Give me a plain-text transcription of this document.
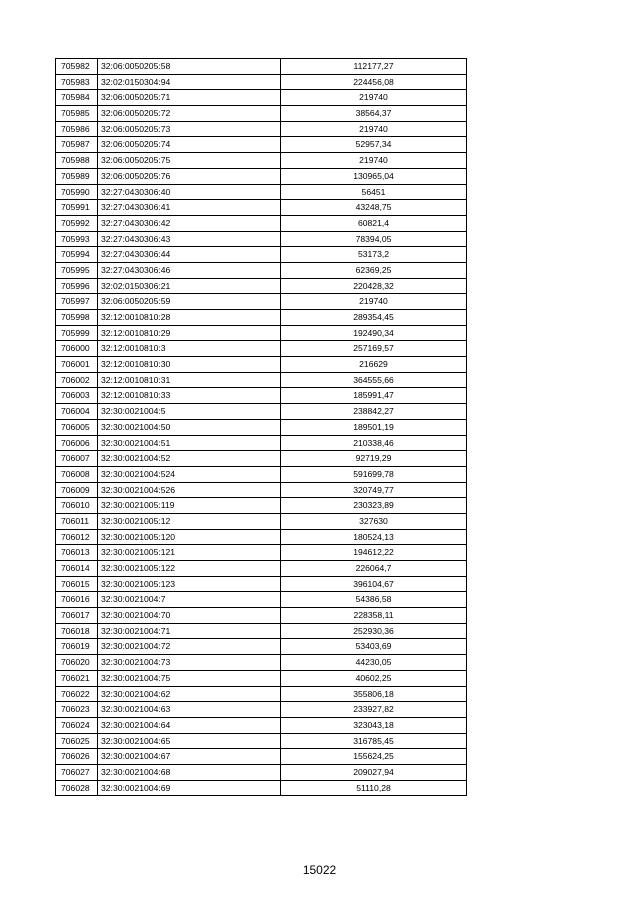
705982	32:06:0050205:58	112177,27
705983	32:02:0150304:94	224456,08
705984	32:06:0050205:71	219740
705985	32:06:0050205:72	38564,37
705986	32:06:0050205:73	219740
705987	32:06:0050205:74	52957,34
705988	32:06:0050205:75	219740
705989	32:06:0050205:76	130965,04
705990	32:27:0430306:40	56451
705991	32:27:0430306:41	43248,75
705992	32:27:0430306:42	60821,4
705993	32:27:0430306:43	78394,05
705994	32:27:0430306:44	53173,2
705995	32:27:0430306:46	62369,25
705996	32:02:0150306:21	220428,32
705997	32:06:0050205:59	219740
705998	32:12:0010810:28	289354,45
705999	32:12:0010810:29	192490,34
706000	32:12:0010810:3	257169,57
706001	32:12:0010810:30	216629
706002	32:12:0010810:31	364555,66
706003	32:12:0010810:33	185991,47
706004	32:30:0021004:5	238842,27
706005	32:30:0021004:50	189501,19
706006	32:30:0021004:51	210338,46
706007	32:30:0021004:52	92719,29
706008	32:30:0021004:524	591699,78
706009	32:30:0021004:526	320749,77
706010	32:30:0021005:119	230323,89
706011	32:30:0021005:12	327630
706012	32:30:0021005:120	180524,13
706013	32:30:0021005:121	194612,22
706014	32:30:0021005:122	226064,7
706015	32:30:0021005:123	396104,67
706016	32:30:0021004:7	54386,58
706017	32:30:0021004:70	228358,11
706018	32:30:0021004:71	252930,36
706019	32:30:0021004:72	53403,69
706020	32:30:0021004:73	44230,05
706021	32:30:0021004:75	40602,25
706022	32:30:0021004:62	355806,18
706023	32:30:0021004:63	233927,82
706024	32:30:0021004:64	323043,18
706025	32:30:0021004:65	316785,45
706026	32:30:0021004:67	155624,25
706027	32:30:0021004:68	209027,94
706028	32:30:0021004:69	51110,28
15022
